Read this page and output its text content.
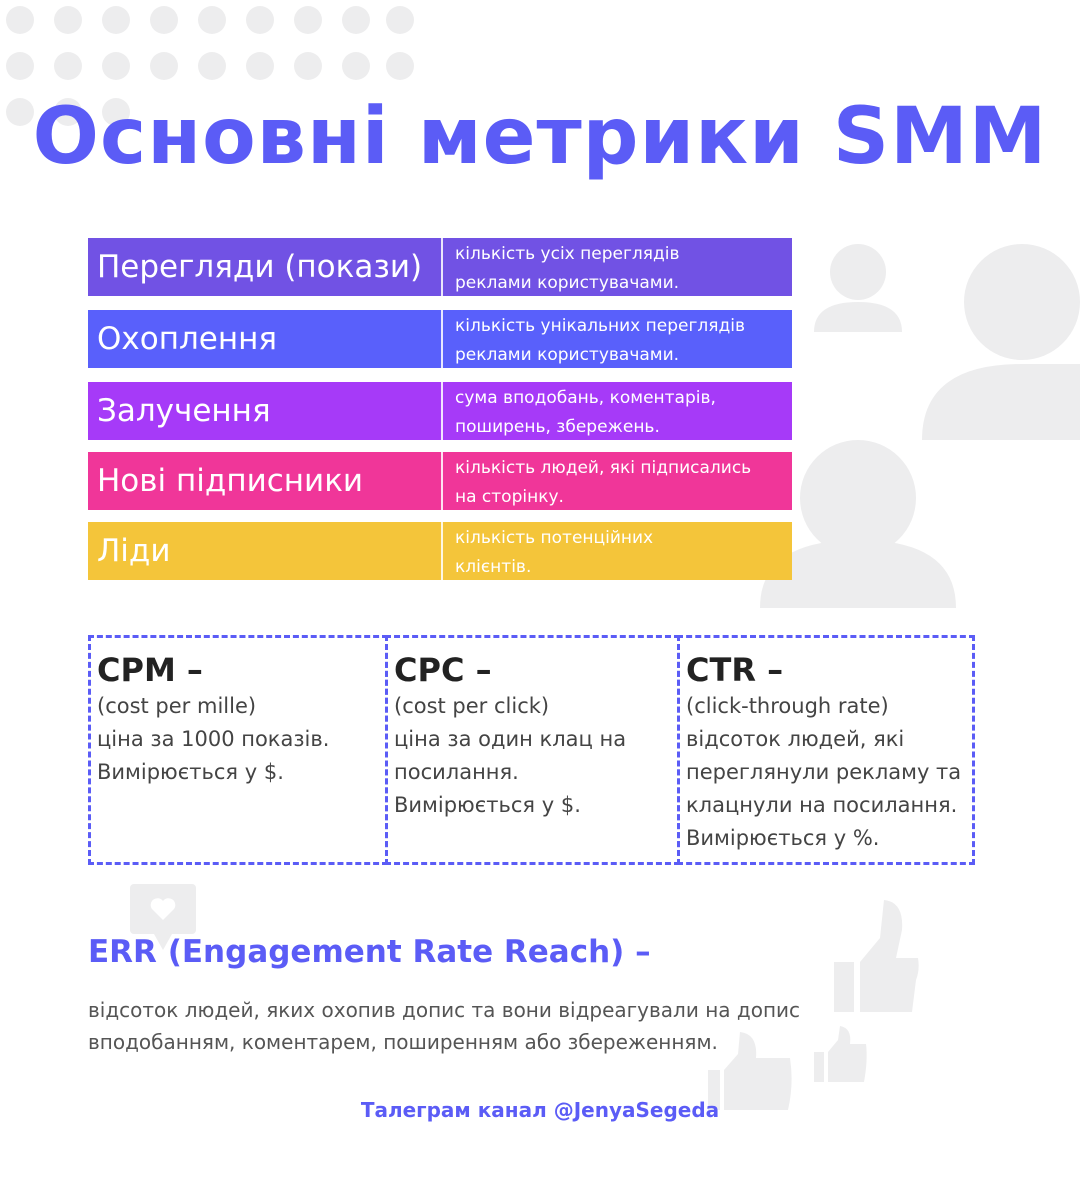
Основні метрики SMM
Перегляди (покази)	кількість усіх переглядів
реклами користувачами.
Охоплення	кількість унікальних переглядів
реклами користувачами.
Залучення	сума вподобань, коментарів,
поширень, збережень.
Нові підписники	кількість людей, які підписались
на сторінку.
Ліди	кількість потенційних
клієнтів.
CPM –
(cost per mille)
ціна за 1000 показів.
Вимірюється у $.
CPC –
(cost per click)
ціна за один клац на
посилання.
Вимірюється у $.
CTR –
(click-through rate)
відсоток людей, які
переглянули рекламу та
клацнули на посилання.
Вимірюється у %.
ERR (Engagement Rate Reach) –
відсоток людей, яких охопив допис та вони відреагували на допис
вподобанням, коментарем, поширенням або збереженням.
Талеграм канал @JenyaSegeda
